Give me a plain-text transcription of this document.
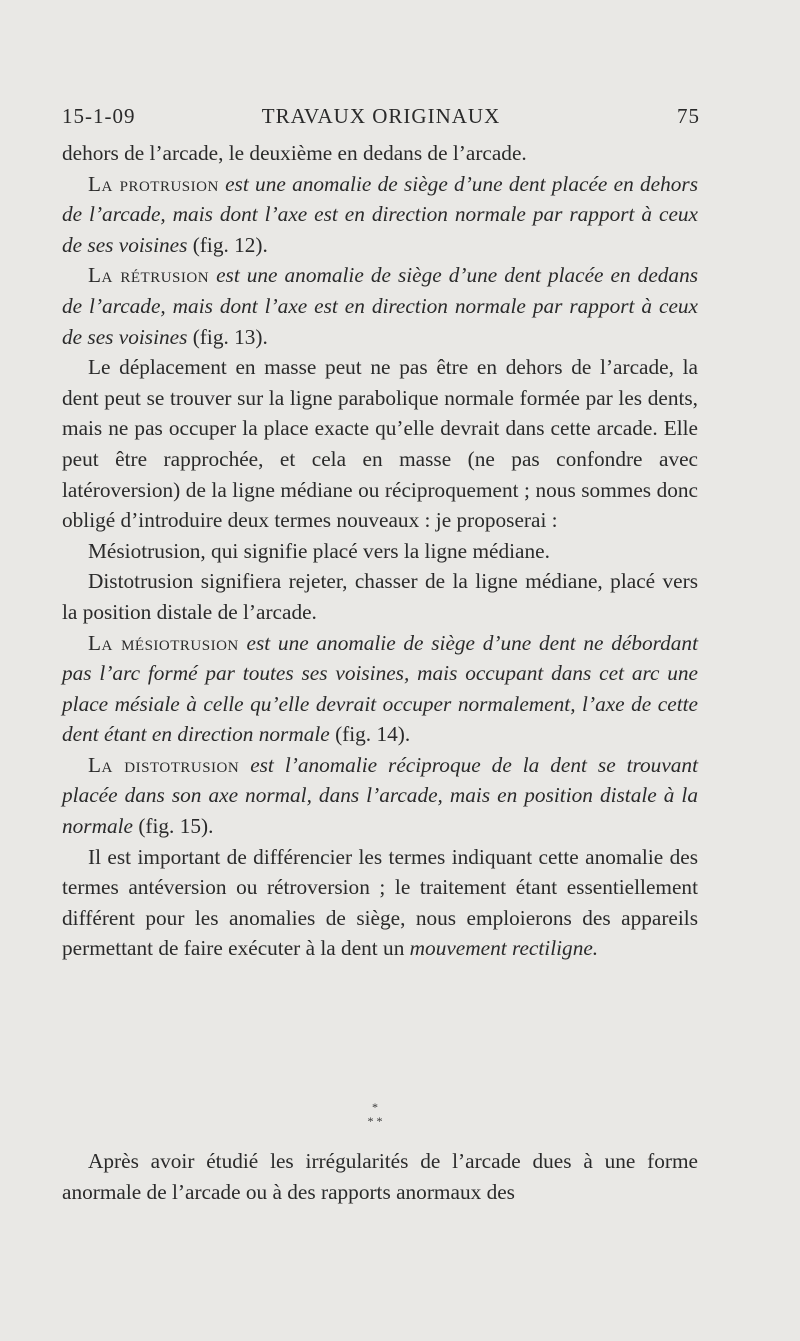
15-1-09	TRAVAUX ORIGINAUX	75

dehors de l’arcade, le deuxième en dedans de l’arcade.

La protrusion est une anomalie de siège d’une dent placée en dehors de l’arcade, mais dont l’axe est en direction normale par rapport à ceux de ses voisines (fig. 12).

La rétrusion est une anomalie de siège d’une dent placée en dedans de l’arcade, mais dont l’axe est en direction normale par rapport à ceux de ses voisines (fig. 13).

Le déplacement en masse peut ne pas être en dehors de l’arcade, la dent peut se trouver sur la ligne parabolique normale formée par les dents, mais ne pas occuper la place exacte qu’elle devrait dans cette arcade. Elle peut être rapprochée, et cela en masse (ne pas confondre avec latéroversion) de la ligne médiane ou réciproquement ; nous sommes donc obligé d’introduire deux termes nouveaux : je proposerai :

Mésiotrusion, qui signifie placé vers la ligne médiane.

Distotrusion signifiera rejeter, chasser de la ligne médiane, placé vers la position distale de l’arcade.

La mésiotrusion est une anomalie de siège d’une dent ne débordant pas l’arc formé par toutes ses voisines, mais occupant dans cet arc une place mésiale à celle qu’elle devrait occuper normalement, l’axe de cette dent étant en direction normale (fig. 14).

La distotrusion est l’anomalie réciproque de la dent se trouvant placée dans son axe normal, dans l’arcade, mais en position distale à la normale (fig. 15).

Il est important de différencier les termes indiquant cette anomalie des termes antéversion ou rétroversion ; le traitement étant essentiellement différent pour les anomalies de siège, nous emploierons des appareils permettant de faire exécuter à la dent un mouvement rectiligne.

*
* *

Après avoir étudié les irrégularités de l’arcade dues à une forme anormale de l’arcade ou à des rapports anormaux des
